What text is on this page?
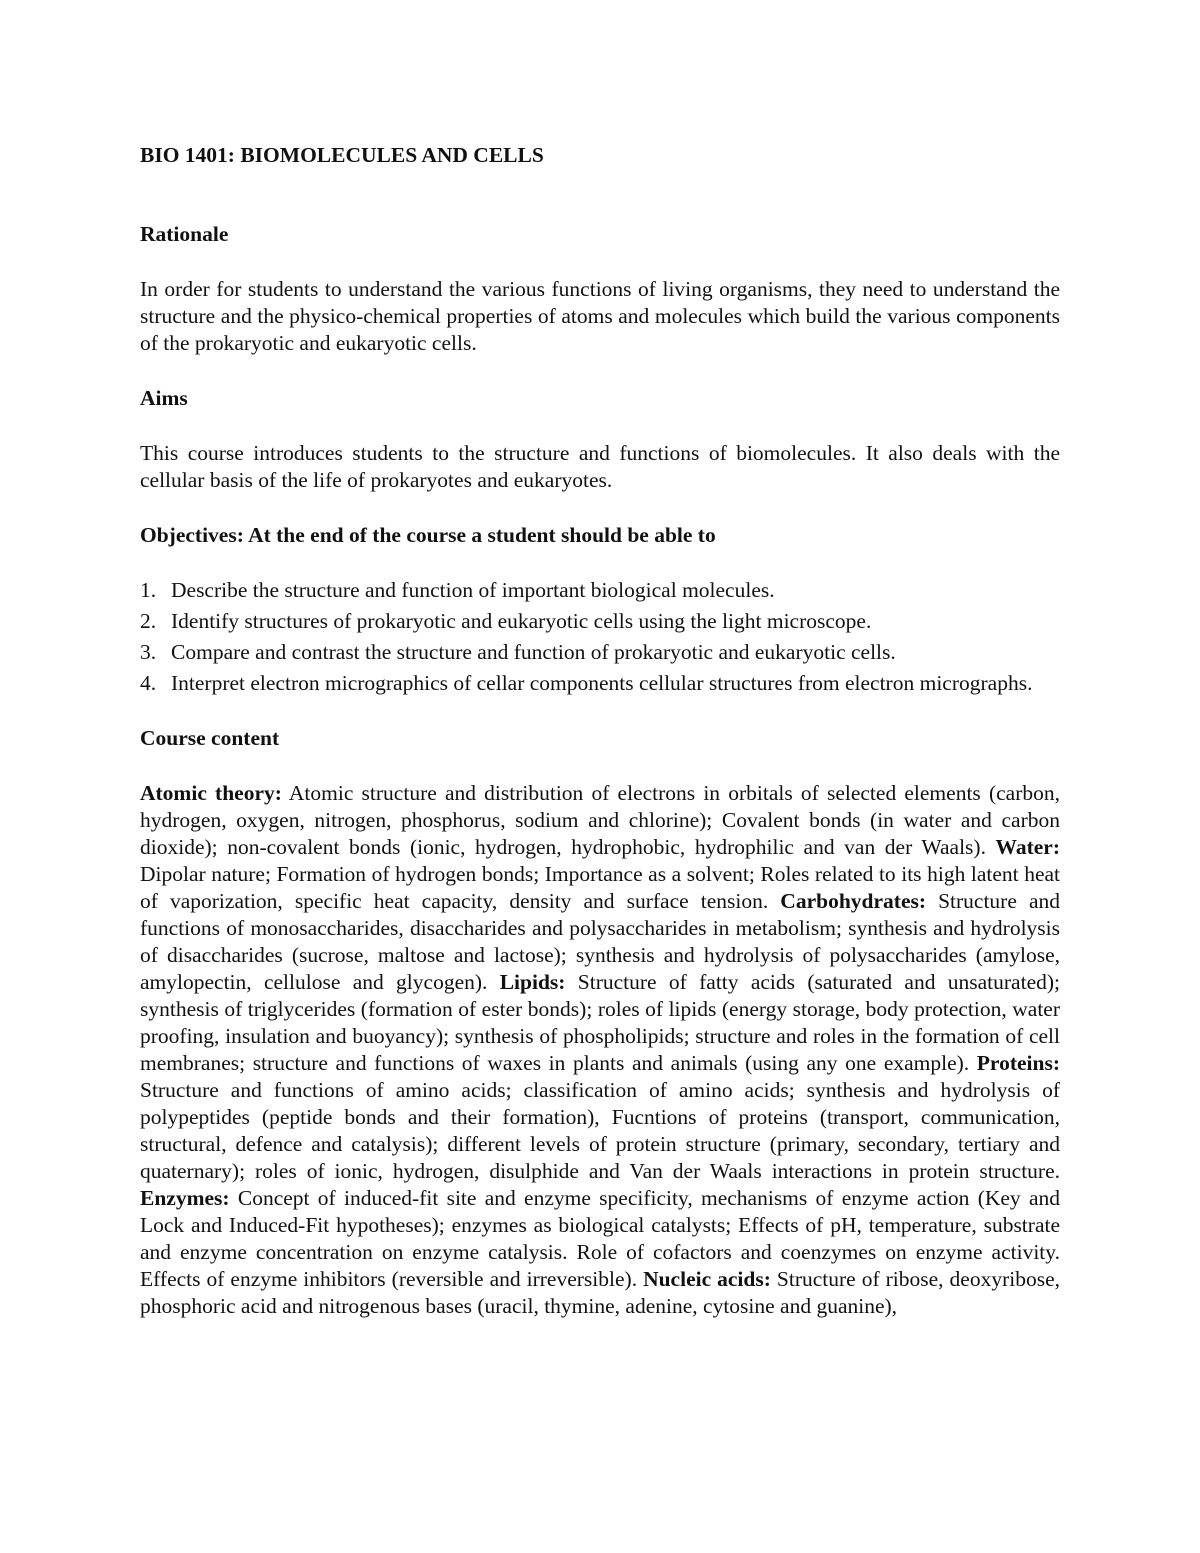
BIO 1401: BIOMOLECULES AND CELLS
Rationale

In order for students to understand the various functions of living organisms, they need to understand the structure and the physico-chemical properties of atoms and molecules which build the various components of the prokaryotic and eukaryotic cells.

Aims

This course introduces students to the structure and functions of biomolecules. It also deals with the cellular basis of the life of prokaryotes and eukaryotes.

Objectives: At the end of the course a student should be able to
1. Describe the structure and function of important biological molecules.
2. Identify structures of prokaryotic and eukaryotic cells using the light microscope.
3. Compare and contrast the structure and function of prokaryotic and eukaryotic cells.
4. Interpret electron micrographics of cellar components cellular structures from electron micrographs.
Course content

Atomic theory: Atomic structure and distribution of electrons in orbitals of selected elements (carbon, hydrogen, oxygen, nitrogen, phosphorus, sodium and chlorine); Covalent bonds (in water and carbon dioxide); non-covalent bonds (ionic, hydrogen, hydrophobic, hydrophilic and van der Waals). Water: Dipolar nature; Formation of hydrogen bonds; Importance as a solvent; Roles related to its high latent heat of vaporization, specific heat capacity, density and surface tension. Carbohydrates: Structure and functions of monosaccharides, disaccharides and polysaccharides in metabolism; synthesis and hydrolysis of disaccharides (sucrose, maltose and lactose); synthesis and hydrolysis of polysaccharides (amylose, amylopectin, cellulose and glycogen). Lipids: Structure of fatty acids (saturated and unsaturated); synthesis of triglycerides (formation of ester bonds); roles of lipids (energy storage, body protection, water proofing, insulation and buoyancy); synthesis of phospholipids; structure and roles in the formation of cell membranes; structure and functions of waxes in plants and animals (using any one example). Proteins: Structure and functions of amino acids; classification of amino acids; synthesis and hydrolysis of polypeptides (peptide bonds and their formation), Fucntions of proteins (transport, communication, structural, defence and catalysis); different levels of protein structure (primary, secondary, tertiary and quaternary); roles of ionic, hydrogen, disulphide and Van der Waals interactions in protein structure. Enzymes: Concept of induced-fit site and enzyme specificity, mechanisms of enzyme action (Key and Lock and Induced-Fit hypotheses); enzymes as biological catalysts; Effects of pH, temperature, substrate and enzyme concentration on enzyme catalysis. Role of cofactors and coenzymes on enzyme activity. Effects of enzyme inhibitors (reversible and irreversible). Nucleic acids: Structure of ribose, deoxyribose, phosphoric acid and nitrogenous bases (uracil, thymine, adenine, cytosine and guanine),
